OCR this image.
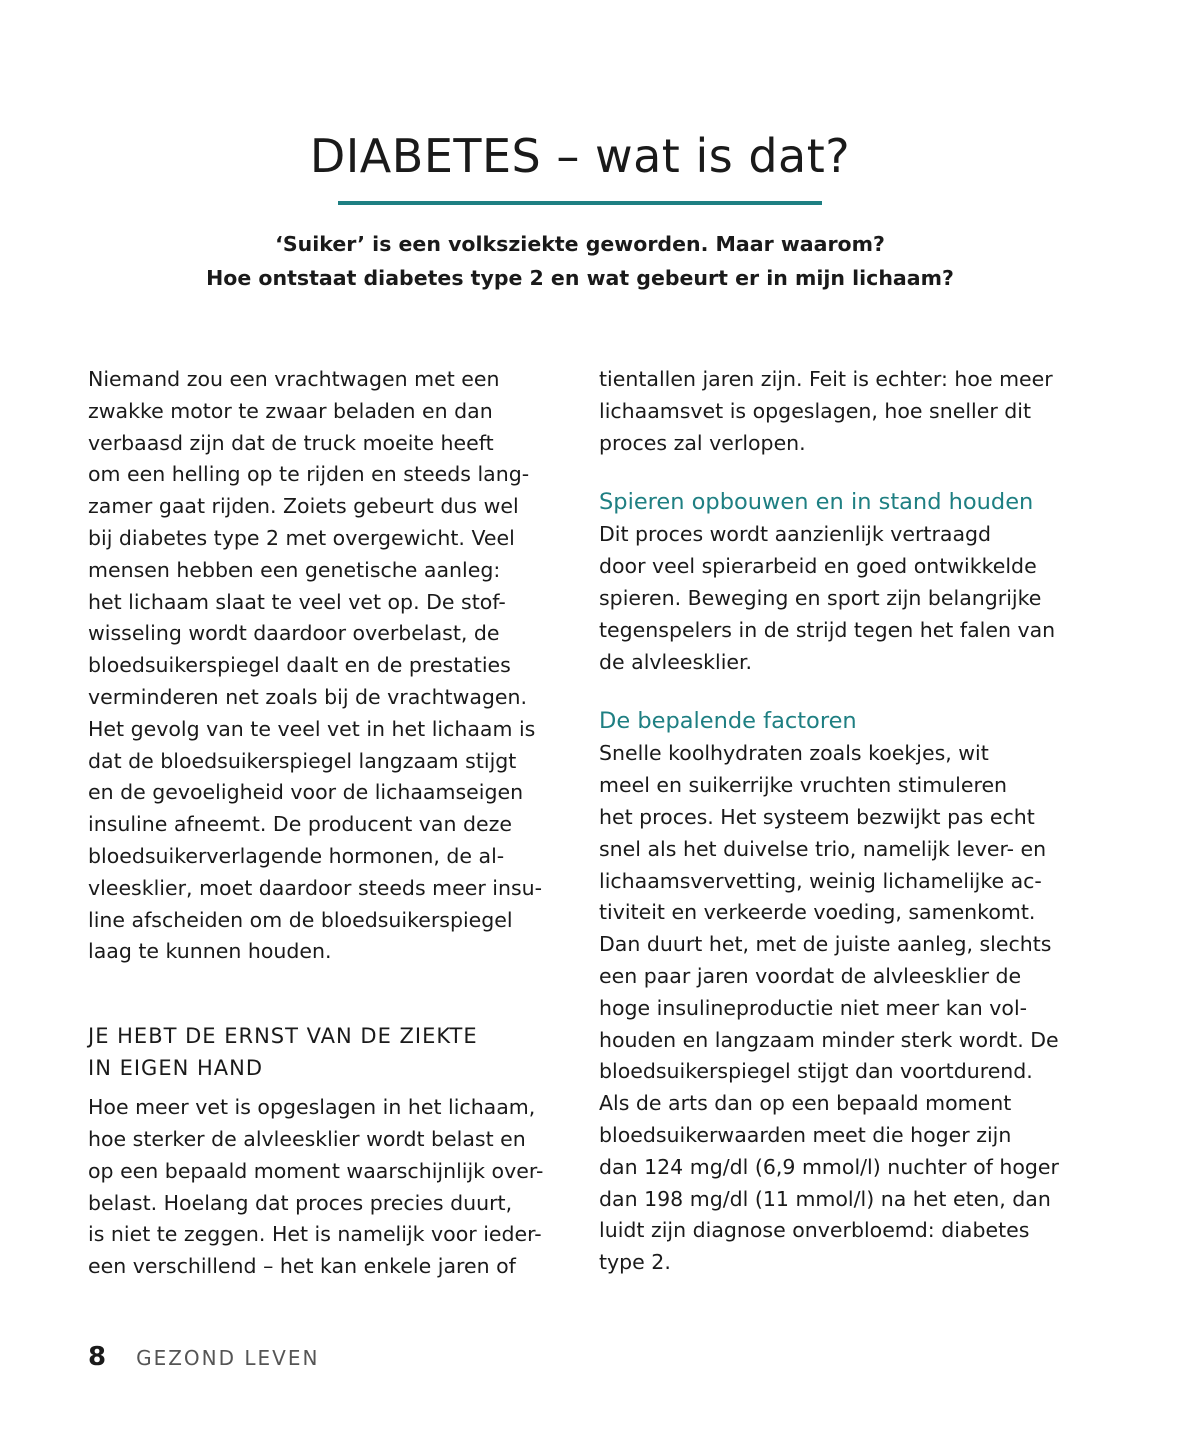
DIABETES – wat is dat?
‘Suiker’ is een volksziekte geworden. Maar waarom?
Hoe ontstaat diabetes type 2 en wat gebeurt er in mijn lichaam?
Niemand zou een vrachtwagen met een
zwakke motor te zwaar beladen en dan
verbaasd zijn dat de truck moeite heeft
om een helling op te rijden en steeds lang-
zamer gaat rijden. Zoiets gebeurt dus wel
bij diabetes type 2 met overgewicht. Veel
mensen hebben een genetische aanleg:
het lichaam slaat te veel vet op. De stof-
wisseling wordt daardoor overbelast, de
bloedsuikerspiegel daalt en de prestaties
verminderen net zoals bij de vrachtwagen.
Het gevolg van te veel vet in het lichaam is
dat de bloedsuikerspiegel langzaam stijgt
en de gevoeligheid voor de lichaamseigen
insuline afneemt. De producent van deze
bloedsuikerverlagende hormonen, de al-
vleesklier, moet daardoor steeds meer insu-
line afscheiden om de bloedsuikerspiegel
laag te kunnen houden.
JE HEBT DE ERNST VAN DE ZIEKTE
IN EIGEN HAND
Hoe meer vet is opgeslagen in het lichaam,
hoe sterker de alvleesklier wordt belast en
op een bepaald moment waarschijnlijk over-
belast. Hoelang dat proces precies duurt,
is niet te zeggen. Het is namelijk voor ieder-
een verschillend – het kan enkele jaren of
tientallen jaren zijn. Feit is echter: hoe meer
lichaamsvet is opgeslagen, hoe sneller dit
proces zal verlopen.
Spieren opbouwen en in stand houden
Dit proces wordt aanzienlijk vertraagd
door veel spierarbeid en goed ontwikkelde
spieren. Beweging en sport zijn belangrijke
tegenspelers in de strijd tegen het falen van
de alvleesklier.
De bepalende factoren
Snelle koolhydraten zoals koekjes, wit
meel en suikerrijke vruchten stimuleren
het proces. Het systeem bezwijkt pas echt
snel als het duivelse trio, namelijk lever- en
lichaamsvervetting, weinig lichamelijke ac-
tiviteit en verkeerde voeding, samenkomt.
Dan duurt het, met de juiste aanleg, slechts
een paar jaren voordat de alvleesklier de
hoge insulineproductie niet meer kan vol-
houden en langzaam minder sterk wordt. De
bloedsuikerspiegel stijgt dan voortdurend.
Als de arts dan op een bepaald moment
bloedsuikerwaarden meet die hoger zijn
dan 124 mg/dl (6,9 mmol/l) nuchter of hoger
dan 198 mg/dl (11 mmol/l) na het eten, dan
luidt zijn diagnose onverbloemd: diabetes
type 2.
8 GEZOND LEVEN
